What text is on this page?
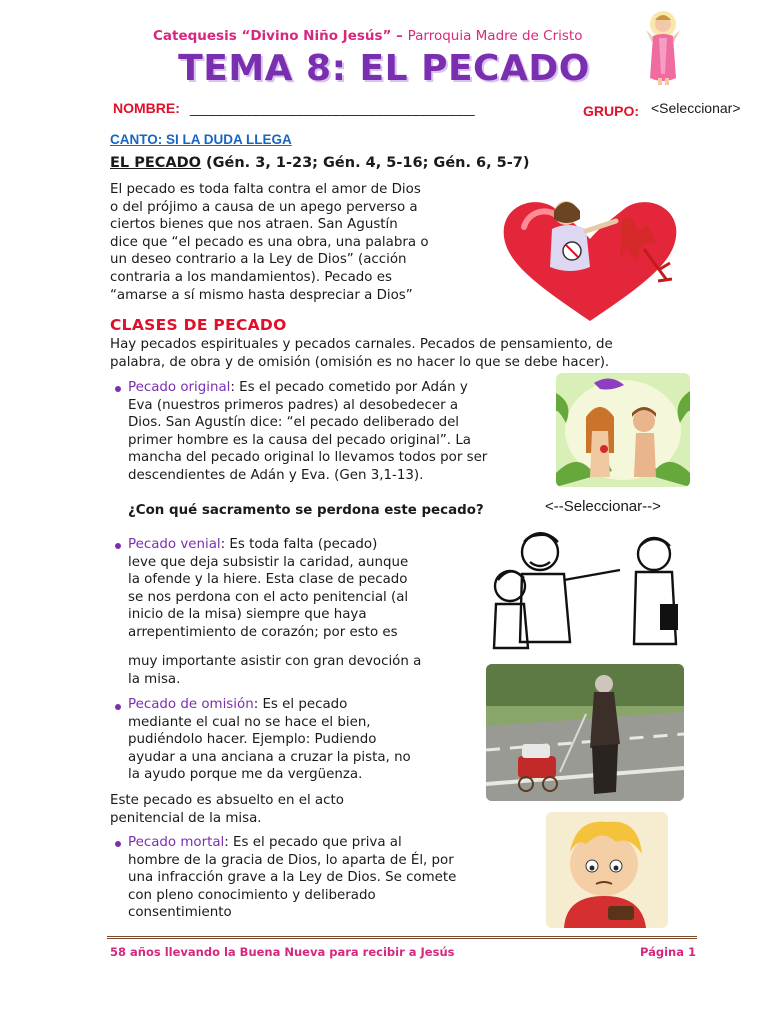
Catequesis “Divino Niño Jesús” – Parroquia Madre de Cristo
TEMA 8: EL PECADO
NOMBRE: _______________________________________	GRUPO: <Seleccionar>
CANTO: SI LA DUDA LLEGA
EL PECADO (Gén. 3, 1-23; Gén. 4, 5-16; Gén. 6, 5-7)
El pecado es toda falta contra el amor de Dios
o del prójimo a causa de un apego perverso a
ciertos bienes que nos atraen. San Agustín
dice que “el pecado es una obra, una palabra o
un deseo contrario a la Ley de Dios” (acción
contraria a los mandamientos). Pecado es
“amarse a sí mismo hasta despreciar a Dios”
CLASES DE PECADO
Hay pecados espirituales y pecados carnales. Pecados de pensamiento, de
palabra, de obra y de omisión (omisión es no hacer lo que se debe hacer).
Pecado original: Es el pecado cometido por Adán y
Eva (nuestros primeros padres) al desobedecer a
Dios. San Agustín dice: “el pecado deliberado del
primer hombre es la causa del pecado original”. La
mancha del pecado original lo llevamos todos por ser
descendientes de Adán y Eva. (Gen 3,1-13).
¿Con qué sacramento se perdona este pecado?	<--Seleccionar-->
Pecado venial: Es toda falta (pecado)
leve que deja subsistir la caridad, aunque
la ofende y la hiere. Esta clase de pecado
se nos perdona con el acto penitencial (al
inicio de la misa) siempre que haya
arrepentimiento de corazón; por esto es
muy importante asistir con gran devoción a
la misa.
Pecado de omisión: Es el pecado
mediante el cual no se hace el bien,
pudiéndolo hacer. Ejemplo: Pudiendo
ayudar a una anciana a cruzar la pista, no
la ayudo porque me da vergüenza.
Este pecado es absuelto en el acto
penitencial de la misa.
Pecado mortal: Es el pecado que priva al
hombre de la gracia de Dios, lo aparta de Él, por
una infracción grave a la Ley de Dios. Se comete
con pleno conocimiento y deliberado
consentimiento
58 años llevando la Buena Nueva para recibir a Jesús	Página 1
